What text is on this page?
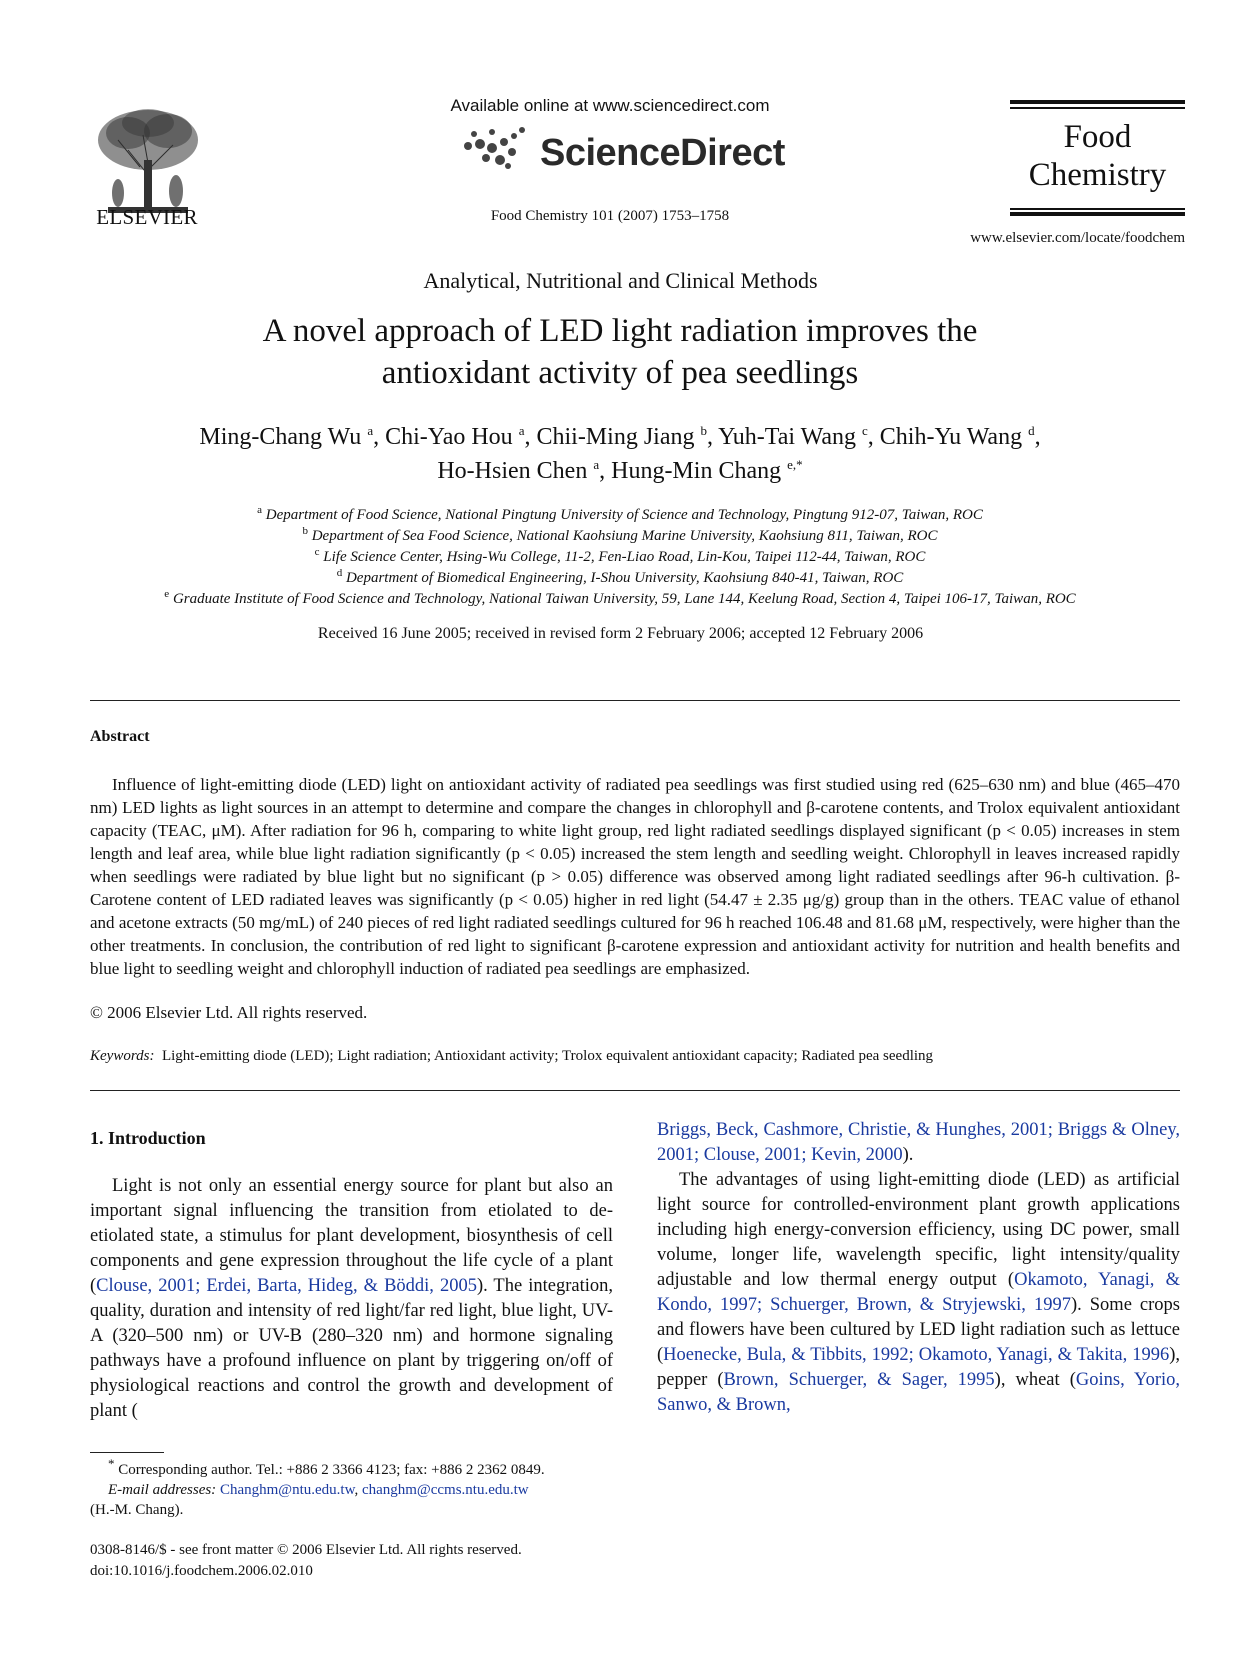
ELSEVIER
Available online at www.sciencedirect.com
ScienceDirect
Food Chemistry 101 (2007) 1753–1758
Food
Chemistry
www.elsevier.com/locate/foodchem
Analytical, Nutritional and Clinical Methods
A novel approach of LED light radiation improves the
antioxidant activity of pea seedlings
Ming-Chang Wu $^a$, Chi-Yao Hou $^a$, Chii-Ming Jiang $^b$, Yuh-Tai Wang $^c$, Chih-Yu Wang $^d$,
Ho-Hsien Chen $^a$, Hung-Min Chang $^{e,*}$
$^a$ Department of Food Science, National Pingtung University of Science and Technology, Pingtung 912-07, Taiwan, ROC
$^b$ Department of Sea Food Science, National Kaohsiung Marine University, Kaohsiung 811, Taiwan, ROC
$^c$ Life Science Center, Hsing-Wu College, 11-2, Fen-Liao Road, Lin-Kou, Taipei 112-44, Taiwan, ROC
$^d$ Department of Biomedical Engineering, I-Shou University, Kaohsiung 840-41, Taiwan, ROC
$^e$ Graduate Institute of Food Science and Technology, National Taiwan University, 59, Lane 144, Keelung Road, Section 4, Taipei 106-17, Taiwan, ROC
Received 16 June 2005; received in revised form 2 February 2006; accepted 12 February 2006
Abstract
Influence of light-emitting diode (LED) light on antioxidant activity of radiated pea seedlings was first studied using red (625–630 nm) and blue (465–470 nm) LED lights as light sources in an attempt to determine and compare the changes in chlorophyll and β-carotene contents, and Trolox equivalent antioxidant capacity (TEAC, μM). After radiation for 96 h, comparing to white light group, red light radiated seedlings displayed significant (p < 0.05) increases in stem length and leaf area, while blue light radiation significantly (p < 0.05) increased the stem length and seedling weight. Chlorophyll in leaves increased rapidly when seedlings were radiated by blue light but no significant (p > 0.05) difference was observed among light radiated seedlings after 96-h cultivation. β-Carotene content of LED radiated leaves was significantly (p < 0.05) higher in red light (54.47 ± 2.35 μg/g) group than in the others. TEAC value of ethanol and acetone extracts (50 mg/mL) of 240 pieces of red light radiated seedlings cultured for 96 h reached 106.48 and 81.68 μM, respectively, were higher than the other treatments. In conclusion, the contribution of red light to significant β-carotene expression and antioxidant activity for nutrition and health benefits and blue light to seedling weight and chlorophyll induction of radiated pea seedlings are emphasized.
© 2006 Elsevier Ltd. All rights reserved.
Keywords: Light-emitting diode (LED); Light radiation; Antioxidant activity; Trolox equivalent antioxidant capacity; Radiated pea seedling
1. Introduction

Light is not only an essential energy source for plant but also an important signal influencing the transition from etiolated to de-etiolated state, a stimulus for plant development, biosynthesis of cell components and gene expression throughout the life cycle of a plant (Clouse, 2001; Erdei, Barta, Hideg, & Böddi, 2005). The integration, quality, duration and intensity of red light/far red light, blue light, UV-A (320–500 nm) or UV-B (280–320 nm) and hormone signaling pathways have a profound influence on plant by triggering on/off of physiological reactions and control the growth and development of plant (

Briggs, Beck, Cashmore, Christie, & Hunghes, 2001; Briggs & Olney, 2001; Clouse, 2001; Kevin, 2000).

The advantages of using light-emitting diode (LED) as artificial light source for controlled-environment plant growth applications including high energy-conversion efficiency, using DC power, small volume, longer life, wavelength specific, light intensity/quality adjustable and low thermal energy output (Okamoto, Yanagi, & Kondo, 1997; Schuerger, Brown, & Stryjewski, 1997). Some crops and flowers have been cultured by LED light radiation such as lettuce (Hoenecke, Bula, & Tibbits, 1992; Okamoto, Yanagi, & Takita, 1996), pepper (Brown, Schuerger, & Sager, 1995), wheat (Goins, Yorio, Sanwo, & Brown,

* Corresponding author. Tel.: +886 2 3366 4123; fax: +886 2 2362 0849.
E-mail addresses: Changhm@ntu.edu.tw, changhm@ccms.ntu.edu.tw
(H.-M. Chang).
0308-8146/$ - see front matter © 2006 Elsevier Ltd. All rights reserved.
doi:10.1016/j.foodchem.2006.02.010
